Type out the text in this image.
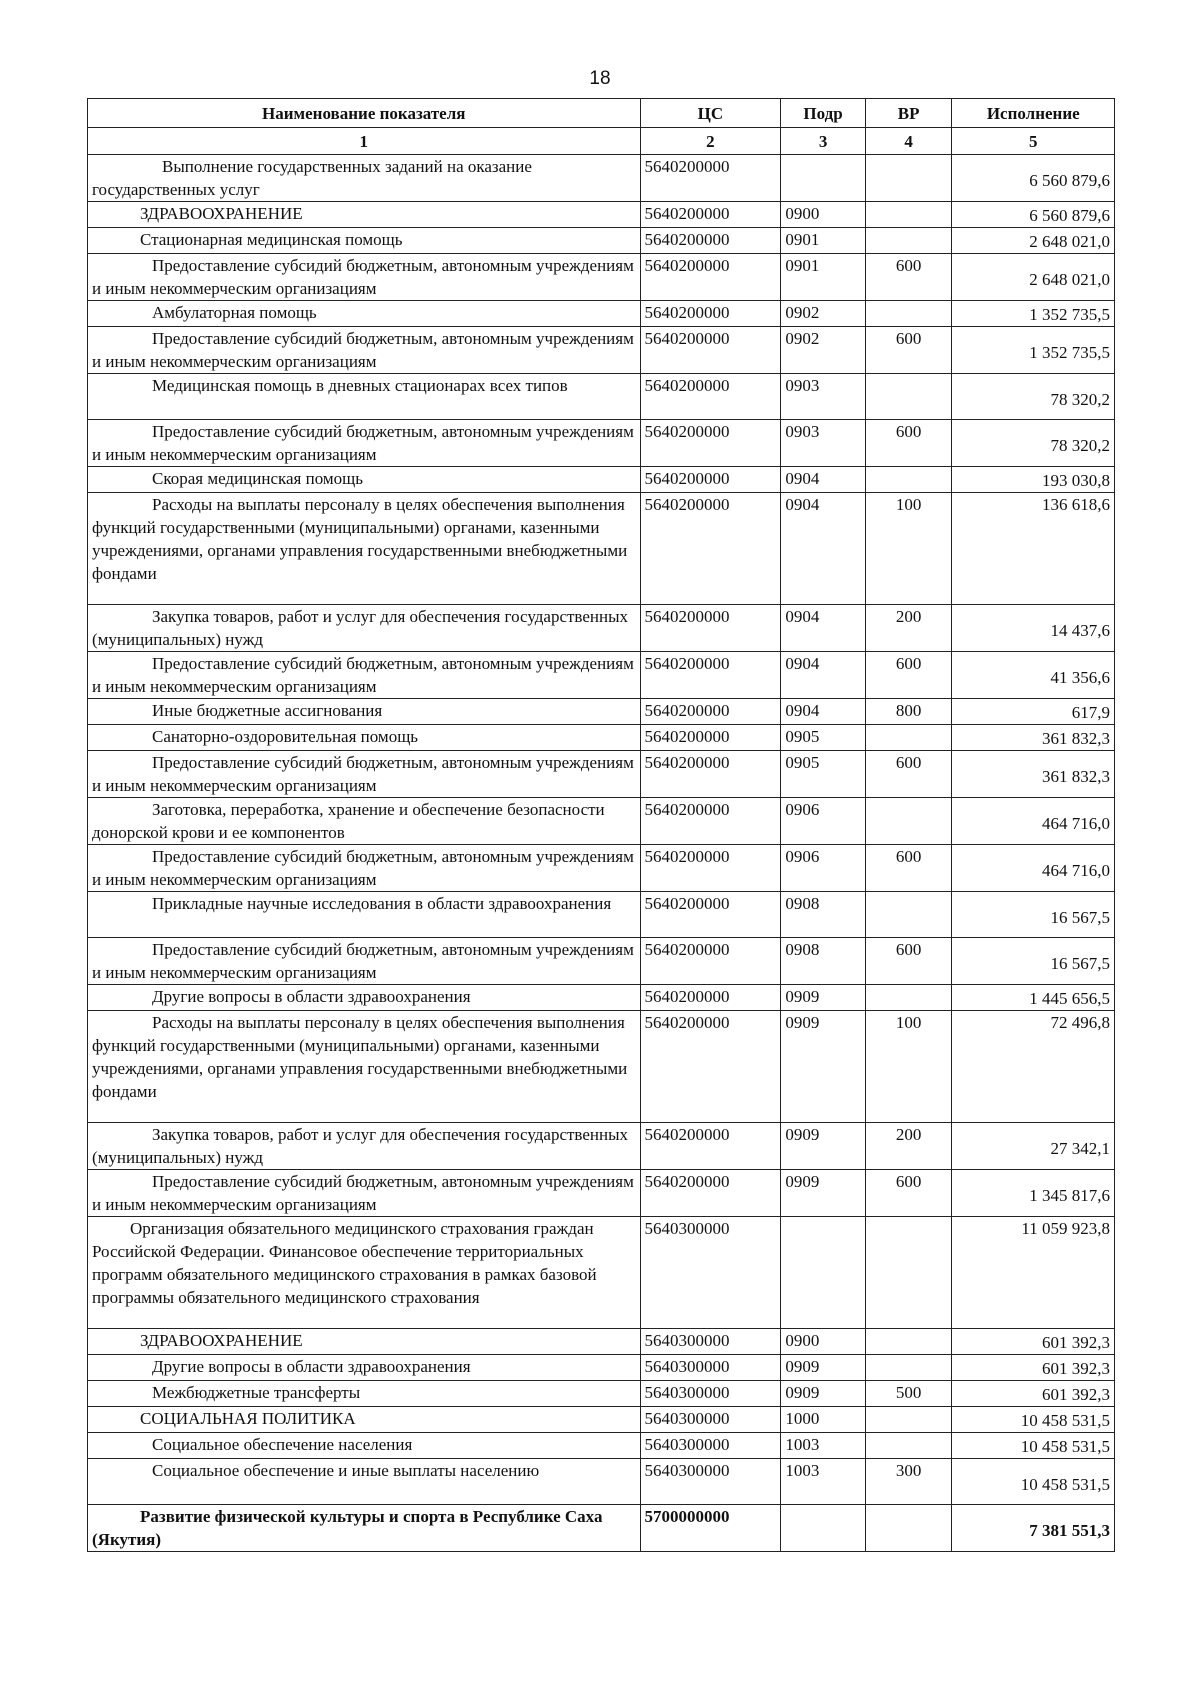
18
Наименование показателя	ЦС	Подр	ВР	Исполнение
1	2	3	4	5
Выполнение государственных заданий на оказание государственных услуг	5640200000			6 560 879,6
ЗДРАВООХРАНЕНИЕ	5640200000	0900		6 560 879,6
Стационарная медицинская помощь	5640200000	0901		2 648 021,0
Предоставление субсидий бюджетным, автономным учреждениям и иным некоммерческим организациям	5640200000	0901	600	2 648 021,0
Амбулаторная помощь	5640200000	0902		1 352 735,5
Предоставление субсидий бюджетным, автономным учреждениям и иным некоммерческим организациям	5640200000	0902	600	1 352 735,5
Медицинская помощь в дневных стационарах всех типов	5640200000	0903		78 320,2
Предоставление субсидий бюджетным, автономным учреждениям и иным некоммерческим организациям	5640200000	0903	600	78 320,2
Скорая медицинская помощь	5640200000	0904		193 030,8
Расходы на выплаты персоналу в целях обеспечения выполнения функций государственными (муниципальными) органами, казенными учреждениями, органами управления государственными внебюджетными фондами	5640200000	0904	100	136 618,6
Закупка товаров, работ и услуг для обеспечения государственных (муниципальных) нужд	5640200000	0904	200	14 437,6
Предоставление субсидий бюджетным, автономным учреждениям и иным некоммерческим организациям	5640200000	0904	600	41 356,6
Иные бюджетные ассигнования	5640200000	0904	800	617,9
Санаторно-оздоровительная помощь	5640200000	0905		361 832,3
Предоставление субсидий бюджетным, автономным учреждениям и иным некоммерческим организациям	5640200000	0905	600	361 832,3
Заготовка, переработка, хранение и обеспечение безопасности донорской крови и ее компонентов	5640200000	0906		464 716,0
Предоставление субсидий бюджетным, автономным учреждениям и иным некоммерческим организациям	5640200000	0906	600	464 716,0
Прикладные научные исследования в области здравоохранения	5640200000	0908		16 567,5
Предоставление субсидий бюджетным, автономным учреждениям и иным некоммерческим организациям	5640200000	0908	600	16 567,5
Другие вопросы в области здравоохранения	5640200000	0909		1 445 656,5
Расходы на выплаты персоналу в целях обеспечения выполнения функций государственными (муниципальными) органами, казенными учреждениями, органами управления государственными внебюджетными фондами	5640200000	0909	100	72 496,8
Закупка товаров, работ и услуг для обеспечения государственных (муниципальных) нужд	5640200000	0909	200	27 342,1
Предоставление субсидий бюджетным, автономным учреждениям и иным некоммерческим организациям	5640200000	0909	600	1 345 817,6
Организация обязательного медицинского страхования граждан Российской Федерации. Финансовое обеспечение территориальных программ обязательного медицинского страхования в рамках базовой программы обязательного медицинского страхования	5640300000			11 059 923,8
ЗДРАВООХРАНЕНИЕ	5640300000	0900		601 392,3
Другие вопросы в области здравоохранения	5640300000	0909		601 392,3
Межбюджетные трансферты	5640300000	0909	500	601 392,3
СОЦИАЛЬНАЯ ПОЛИТИКА	5640300000	1000		10 458 531,5
Социальное обеспечение населения	5640300000	1003		10 458 531,5
Социальное обеспечение и иные выплаты населению	5640300000	1003	300	10 458 531,5
Развитие физической культуры и спорта в Республике Саха (Якутия)	5700000000			7 381 551,3
